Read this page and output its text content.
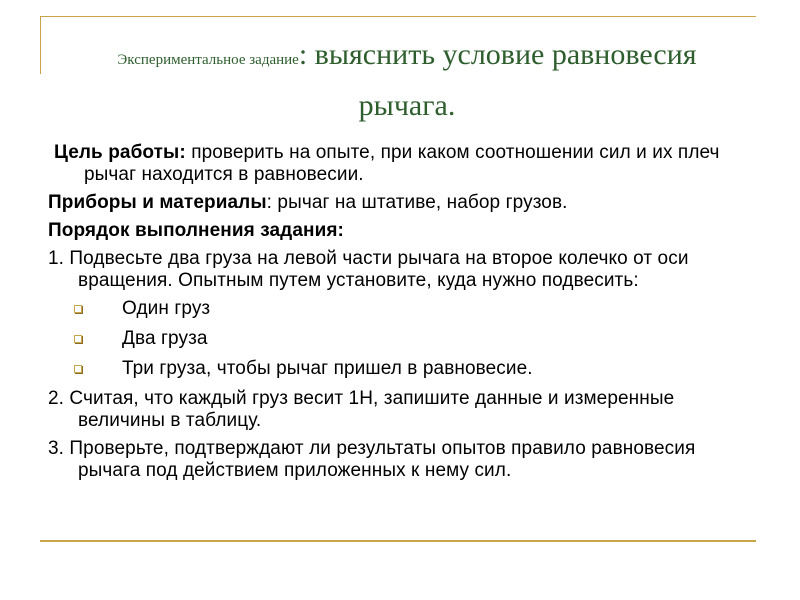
Экспериментальное задание: выяснить условие равновесия
рычага.
Цель работы: проверить на опыте, при каком соотношении сил и их плеч рычаг находится в равновесии.
Приборы и материалы: рычаг на штативе, набор грузов.
Порядок выполнения задания:
1. Подвесьте два груза на левой части рычага на второе колечко от оси вращения. Опытным путем установите, куда нужно подвесить:
Один груз
Два груза
Три груза, чтобы рычаг пришел в равновесие.
2. Считая, что каждый груз весит 1Н, запишите данные и измеренные величины в таблицу.
3. Проверьте, подтверждают ли результаты опытов правило равновесия рычага под действием приложенных к нему сил.
